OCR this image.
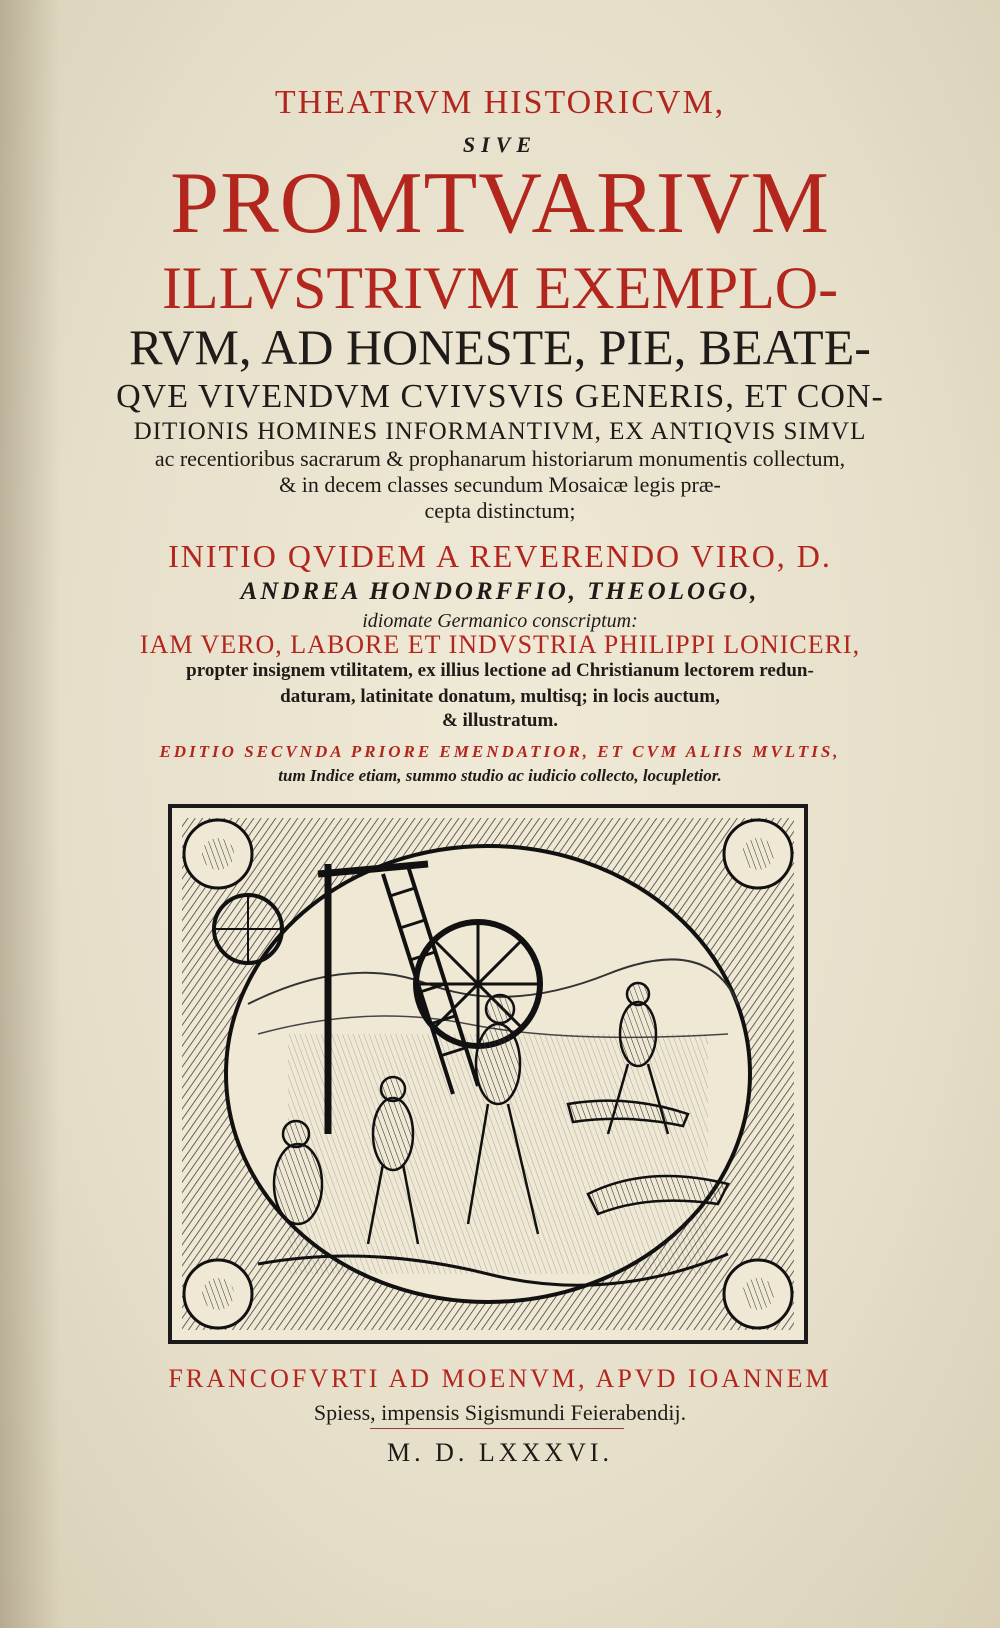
THEATRVM HISTORICVM,
SIVE
PROMTVARIVM
ILLVSTRIVM EXEMPLO-
RVM, AD HONESTE, PIE, BEATE-
QVE VIVENDVM CVIVSVIS GENERIS, ET CON-
DITIONIS HOMINES INFORMANTIVM, EX ANTIQVIS SIMVL
ac recentioribus sacrarum & prophanarum historiarum monumentis collectum,
& in decem classes secundum Mosaicæ legis præ-
cepta distinctum;
INITIO QVIDEM A REVERENDO VIRO, D.
ANDREA HONDORFFIO, THEOLOGO,
idiomate Germanico conscriptum:
IAM VERO, LABORE ET INDVSTRIA PHILIPPI LONICERI,
propter insignem vtilitatem, ex illius lectione ad Christianum lectorem redun-
daturam, latinitate donatum, multisq; in locis auctum,
& illustratum.
EDITIO SECVNDA PRIORE EMENDATIOR, ET CVM ALIIS MVLTIS,
tum Indice etiam, summo studio ac iudicio collecto, locupletior.
FRANCOFVRTI AD MOENVM, APVD IOANNEM
Spiess, impensis Sigismundi Feierabendij.
M. D. LXXXVI.
